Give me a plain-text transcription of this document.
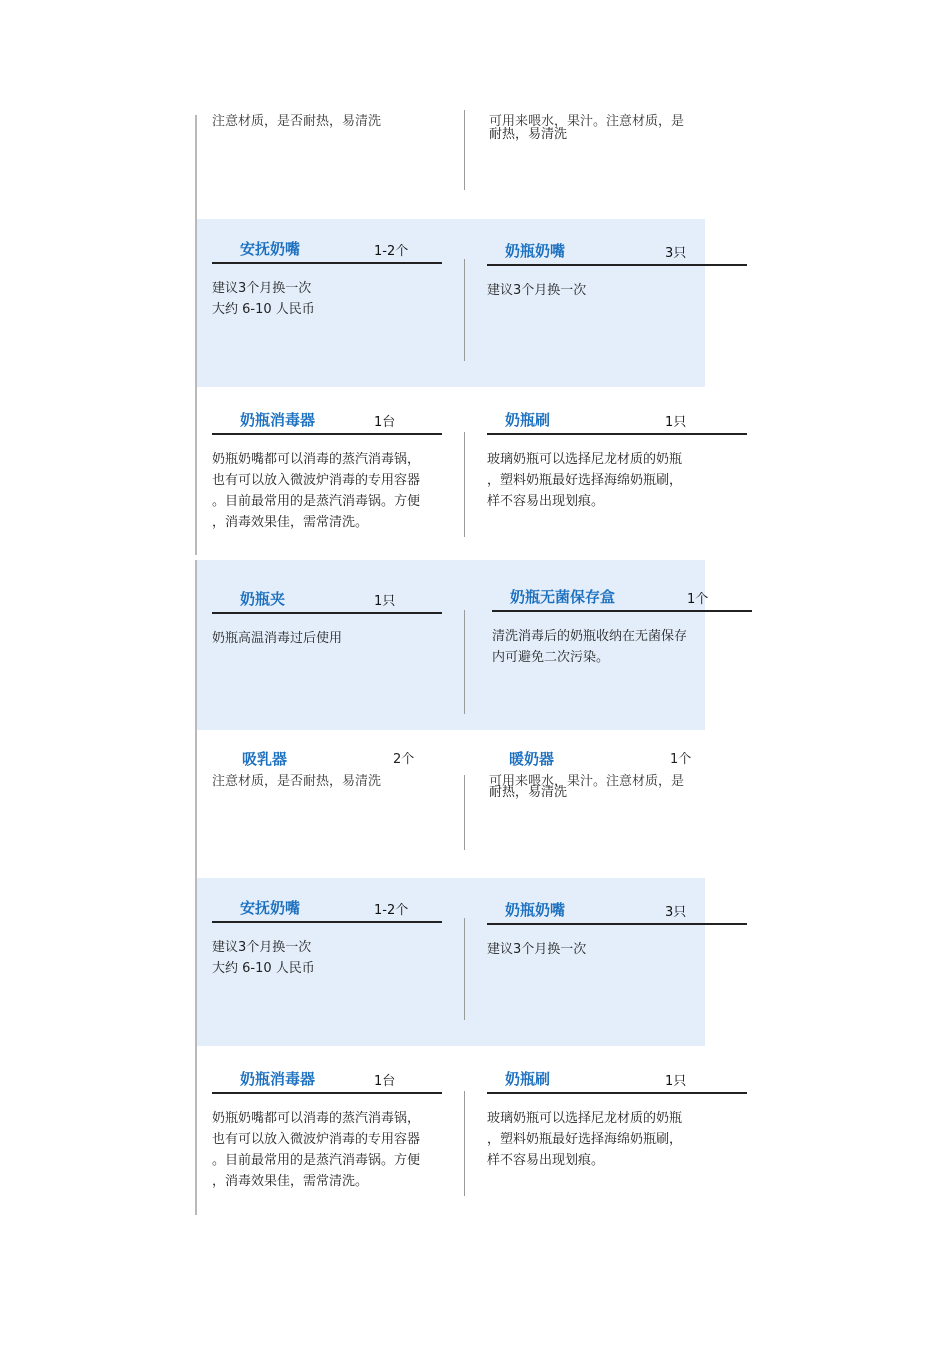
注意材质，是否耐热，易清洗	可用来喂水，果汁。注意材质，是
耐热，易清洗
安抚奶嘴	1-2个
建议3个月换一次
大约 6-10 人民币
奶瓶奶嘴	3只
建议3个月换一次
奶瓶消毒器	1台
奶瓶奶嘴都可以消毒的蒸汽消毒锅，
也有可以放入微波炉消毒的专用容器
。目前最常用的是蒸汽消毒锅。方便
，消毒效果佳，需常清洗。
奶瓶刷	1只
玻璃奶瓶可以选择尼龙材质的奶瓶
，塑料奶瓶最好选择海绵奶瓶刷，
样不容易出现划痕。
奶瓶夹	1只
奶瓶高温消毒过后使用
奶瓶无菌保存盒	1个
清洗消毒后的奶瓶收纳在无菌保存
内可避免二次污染。
吸乳器	2个	暖奶器	1个
注意材质，是否耐热，易清洗	可用来喂水，果汁。注意材质，是
耐热，易清洗
安抚奶嘴	1-2个
建议3个月换一次
大约 6-10 人民币
奶瓶奶嘴	3只
建议3个月换一次
奶瓶消毒器	1台
奶瓶奶嘴都可以消毒的蒸汽消毒锅，
也有可以放入微波炉消毒的专用容器
。目前最常用的是蒸汽消毒锅。方便
，消毒效果佳，需常清洗。
奶瓶刷	1只
玻璃奶瓶可以选择尼龙材质的奶瓶
，塑料奶瓶最好选择海绵奶瓶刷，
样不容易出现划痕。
